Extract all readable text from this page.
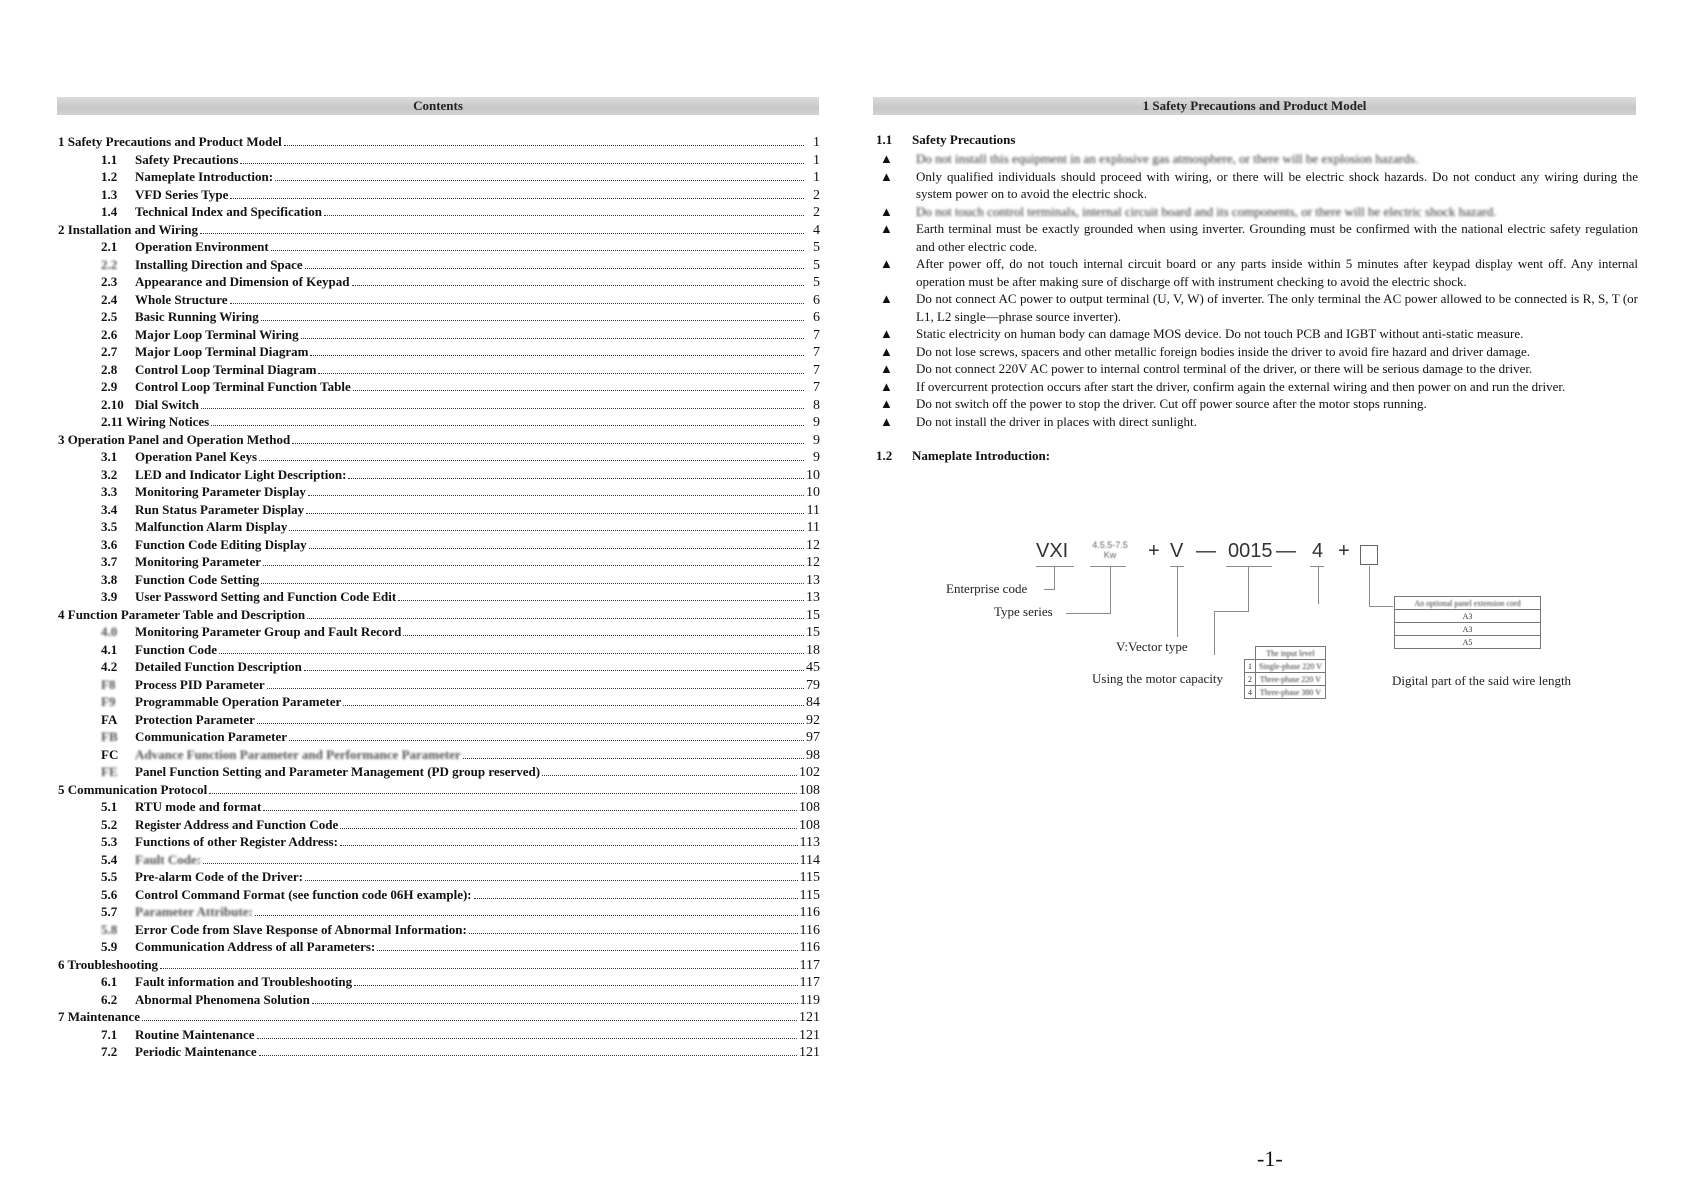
Contents
1 Safety Precautions and Product Model	1
1.1	Safety Precautions	1
1.2	Nameplate Introduction:	1
1.3	VFD Series Type	2
1.4	Technical Index and Specification	2
2 Installation and Wiring	4
2.1	Operation Environment	5
2.2	Installing Direction and Space	5
2.3	Appearance and Dimension of Keypad	5
2.4	Whole Structure	6
2.5	Basic Running Wiring	6
2.6	Major Loop Terminal Wiring	7
2.7	Major Loop Terminal Diagram	7
2.8	Control Loop Terminal Diagram	7
2.9	Control Loop Terminal Function Table	7
2.10 Dial Switch	8
2.11 Wiring Notices	9
3 Operation Panel and Operation Method	9
3.1	Operation Panel Keys	9
3.2	LED and Indicator Light Description:	10
3.3	Monitoring Parameter Display	10
3.4	Run Status Parameter Display	11
3.5	Malfunction Alarm Display	11
3.6	Function Code Editing Display	12
3.7	Monitoring Parameter	12
3.8	Function Code Setting	13
3.9	User Password Setting and Function Code Edit	13
4 Function Parameter Table and Description	15
4.0	Monitoring Parameter Group and Fault Record	15
4.1	Function Code	18
4.2	Detailed Function Description	45
F8	Process PID Parameter	79
F9	Programmable Operation Parameter	84
FA	Protection Parameter	92
FB	Communication Parameter	97
FC	Advance Function Parameter and Performance Parameter	98
FE	Panel Function Setting and Parameter Management (PD group reserved)	102
5 Communication Protocol	108
5.1	RTU mode and format	108
5.2	Register Address and Function Code	108
5.3	Functions of other Register Address:	113
5.4	Fault Code:	114
5.5	Pre-alarm Code of the Driver:	115
5.6	Control Command Format (see function code 06H example):	115
5.7	Parameter Attribute:	116
5.8	Error Code from Slave Response of Abnormal Information:	116
5.9	Communication Address of all Parameters:	116
6 Troubleshooting	117
6.1	Fault information and Troubleshooting	117
6.2	Abnormal Phenomena Solution	119
7 Maintenance	121
7.1	Routine Maintenance	121
7.2	Periodic Maintenance	121
1 Safety Precautions and Product Model
1.1 Safety Precautions
▲	Do not install this equipment in an explosive gas atmosphere, or there will be explosion hazards.
▲	Only qualified individuals should proceed with wiring, or there will be electric shock hazards. Do not conduct any wiring during the system power on to avoid the electric shock.
▲	Do not touch control terminals, internal circuit board and its components, or there will be electric shock hazard.
▲	Earth terminal must be exactly grounded when using inverter. Grounding must be confirmed with the national electric safety regulation and other electric code.
▲	After power off, do not touch internal circuit board or any parts inside within 5 minutes after keypad display went off. Any internal operation must be after making sure of discharge off with instrument checking to avoid the electric shock.
▲	Do not connect AC power to output terminal (U, V, W) of inverter. The only terminal the AC power allowed to be connected is R, S, T (or L1, L2 single—phrase source inverter).
▲	Static electricity on human body can damage MOS device. Do not touch PCB and IGBT without anti-static measure.
▲	Do not lose screws, spacers and other metallic foreign bodies inside the driver to avoid fire hazard and driver damage.
▲	Do not connect 220V AC power to internal control terminal of the driver, or there will be serious damage to the driver.
▲	If overcurrent protection occurs after start the driver, confirm again the external wiring and then power on and run the driver.
▲	Do not switch off the power to stop the driver. Cut off power source after the motor stops running.
▲	Do not install the driver in places with direct sunlight.
1.2 Nameplate Introduction:
VXI	4.5.5-7.5
Kw	+ V — 0015 — 4 +
Enterprise code
Type series
V:Vector type
Using the motor capacity	Digital part of the said wire length
	The input level
1	Single-phase 220 V
2	Three-phase 220 V
4	Three-phase 380 V
An optional panel extension cord
A3
A3
A5
-1-
